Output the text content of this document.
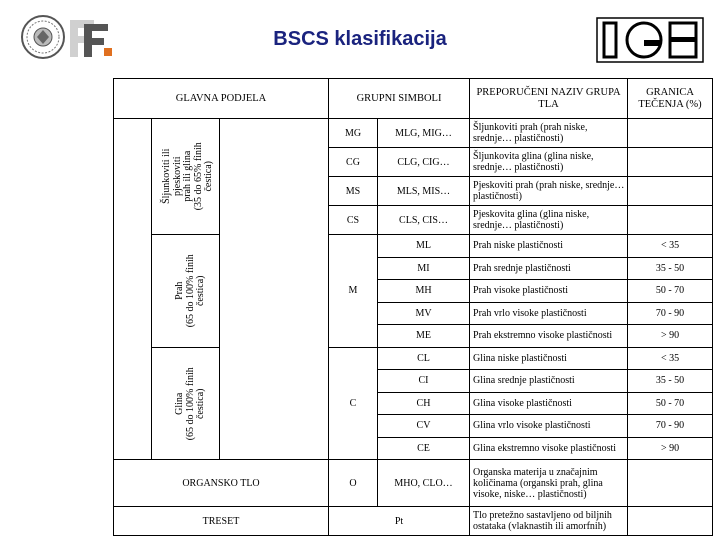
BSCS klasifikacija
GLAVNA PODJELA			GRUPNI SIMBOLI		PREPORUČENI NAZIV GRUPA TLA	GRANICA TEČENJA (%)

Šljunkoviti ili pjeskoviti prah ili glina (35 do 65% finih čestica)		MG	MLG, MIG…	Šljunkoviti prah (prah niske, srednje… plastičnosti)	
			CG	CLG, CIG…	Šljunkovita glina (glina niske, srednje… plastičnosti)	
			MS	MLS, MIS…	Pjeskoviti prah (prah niske, srednje… plastičnosti)	
			CS	CLS, CIS…	Pjeskovita glina (glina niske, srednje… plastičnosti)	

	Prah (65 do 100% finih čestica)		M	ML	Prah niske plastičnosti	< 35
				MI	Prah srednje plastičnosti	35 - 50
				MH	Prah visoke plastičnosti	50 - 70
				MV	Prah vrlo visoke plastičnosti	70 - 90
				ME	Prah ekstremno visoke plastičnosti	> 90

	Glina (65 do 100% finih čestica)		C	CL	Glina niske plastičnosti	< 35
				CI	Glina srednje plastičnosti	35 - 50
				CH	Glina visoke plastičnosti	50 - 70
				CV	Glina vrlo visoke plastičnosti	70 - 90
				CE	Glina ekstremno visoke plastičnosti	> 90
ORGANSKO TLO			O	MHO, CLO…	Organska materija u značajnim količinama (organski prah, glina visoke, niske… plastičnosti)	
TRESET			Pt		Tlo pretežno sastavljeno od biljnih ostataka (vlaknastih ili amorfnih)	
